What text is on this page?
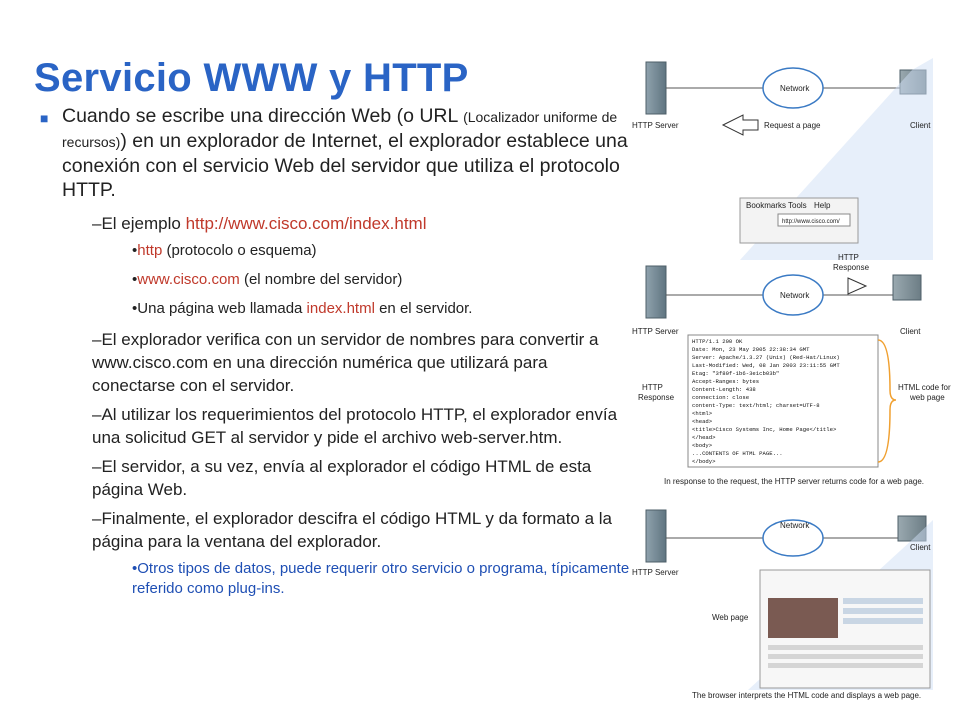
Servicio WWW y HTTP
■ Cuando se escribe una dirección Web (o URL (Localizador uniforme de recursos)) en un explorador de Internet, el explorador establece una conexión con el servicio Web del servidor que utiliza el protocolo HTTP.
–El ejemplo http://www.cisco.com/index.html
•http (protocolo o esquema)
•www.cisco.com (el nombre del servidor)
•Una página web llamada index.html en el servidor.
–El explorador verifica con un servidor de nombres para convertir a www.cisco.com en una dirección numérica que utilizará para conectarse con el servidor.
–Al utilizar los requerimientos del protocolo HTTP, el explorador envía una solicitud GET al servidor y pide el archivo web-server.htm.
–El servidor, a su vez, envía al explorador el código HTML de esta página Web.
–Finalmente, el explorador descifra el código HTML y da formato a la página para la ventana del explorador.
•Otros tipos de datos, puede requerir otro servicio o programa, típicamente referido como plug-ins.
Network
HTTP Server	Client
Request a page
Bookmarks Tools Help
http://www.cisco.com/
Network
HTTP
Response
HTTP Server	Client
HTTP
Response
HTTP/1.1 200 OK
Date: Mon, 23 May 2005 22:38:34 GMT
Server: Apache/1.3.27 (Unix) (Red-Hat/Linux)
Last-Modified: Wed, 08 Jan 2003 23:11:55 GMT
Etag: "3f80f-1b6-3e1cb03b"
Accept-Ranges: bytes
Content-Length: 438
connection: close
content-Type: text/html; charset=UTF-8
<html>
<head>
<title>Cisco Systems Inc, Home Page</title>
</head>
<body>
...CONTENTS OF HTML PAGE...
</body>
HTML code for
web page
In response to the request, the HTTP server returns code for a web page.
Network
HTTP Server
Client
Web page
The browser interprets the HTML code and displays a web page.
